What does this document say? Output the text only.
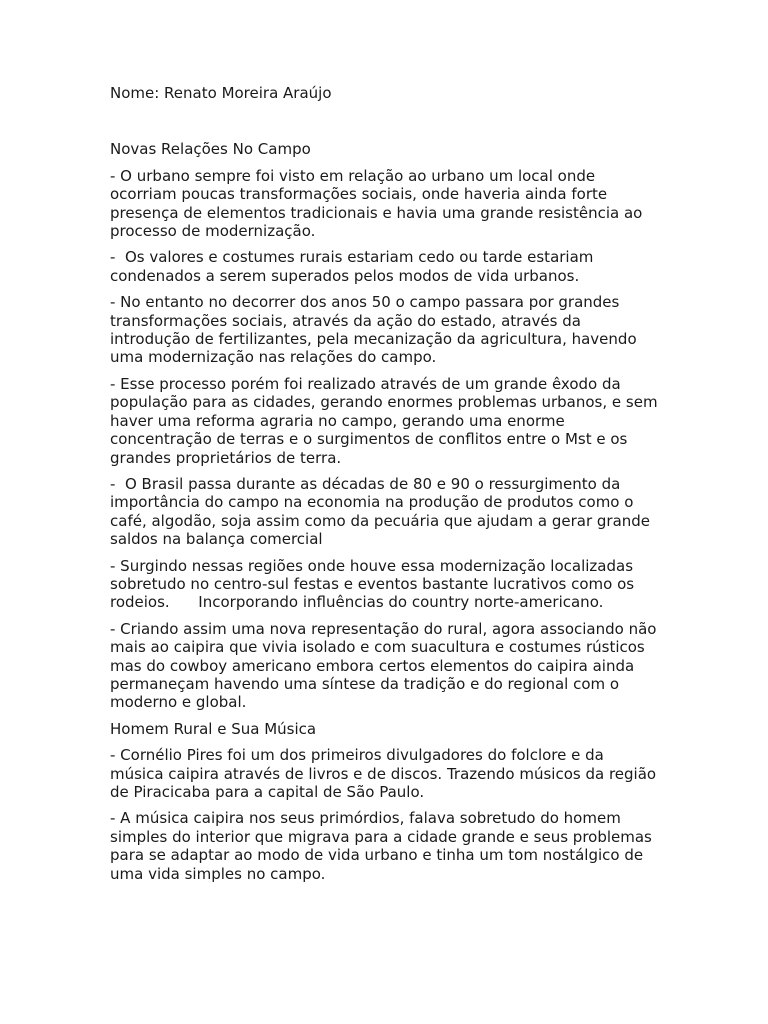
Nome: Renato Moreira Araújo

Novas Relações No Campo

- O urbano sempre foi visto em relação ao urbano um local onde ocorriam poucas transformações sociais, onde haveria ainda forte presença de elementos tradicionais e havia uma grande resistência ao processo de modernização.

-  Os valores e costumes rurais estariam cedo ou tarde estariam condenados a serem superados pelos modos de vida urbanos.

- No entanto no decorrer dos anos 50 o campo passara por grandes transformações sociais, através da ação do estado, através da introdução de fertilizantes, pela mecanização da agricultura, havendo uma modernização nas relações do campo.

- Esse processo porém foi realizado através de um grande êxodo da população para as cidades, gerando enormes problemas urbanos, e sem haver uma reforma agraria no campo, gerando uma enorme concentração de terras e o surgimentos de conflitos entre o Mst e os grandes proprietários de terra.

-  O Brasil passa durante as décadas de 80 e 90 o ressurgimento da importância do campo na economia na produção de produtos como o café, algodão, soja assim como da pecuária que ajudam a gerar grande saldos na balança comercial

- Surgindo nessas regiões onde houve essa modernização localizadas sobretudo no centro-sul festas e eventos bastante lucrativos como os rodeios.      Incorporando influências do country norte-americano.

- Criando assim uma nova representação do rural, agora associando não mais ao caipira que vivia isolado e com suacultura e costumes rústicos mas do cowboy americano embora certos elementos do caipira ainda permaneçam havendo uma síntese da tradição e do regional com o moderno e global.

Homem Rural e Sua Música

- Cornélio Pires foi um dos primeiros divulgadores do folclore e da música caipira através de livros e de discos. Trazendo músicos da região de Piracicaba para a capital de São Paulo.

- A música caipira nos seus primórdios, falava sobretudo do homem simples do interior que migrava para a cidade grande e seus problemas para se adaptar ao modo de vida urbano e tinha um tom nostálgico de uma vida simples no campo.
